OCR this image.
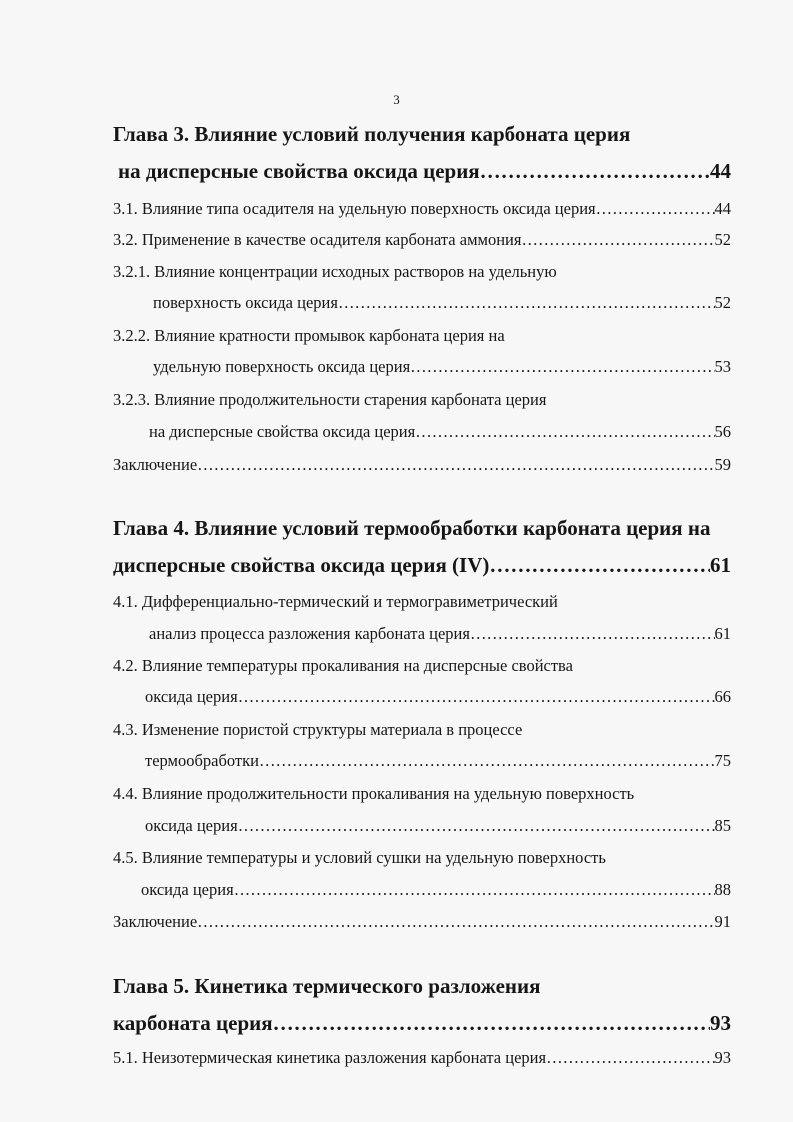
3
Глава 3. Влияние условий получения карбоната церия
на дисперсные свойства оксида церия ……………………………………………………………………………………………………………………………………………………	44
3.1. Влияние типа осадителя на удельную поверхность оксида церия …………………………………………………………………………………………………………………………………………………………………………………………………………	44
3.2. Применение в качестве осадителя карбоната аммония …………………………………………………………………………………………………………………………………………………………………………………………………………	52
3.2.1. Влияние концентрации исходных растворов на удельную
поверхность оксида церия …………………………………………………………………………………………………………………………………………………………………………………………………………	52
3.2.2. Влияние кратности промывок карбоната церия на
удельную поверхность оксида церия …………………………………………………………………………………………………………………………………………………………………………………………………………	53
3.2.3. Влияние продолжительности старения карбоната церия
на дисперсные свойства оксида церия …………………………………………………………………………………………………………………………………………………………………………………………………………	56
Заключение …………………………………………………………………………………………………………………………………………………………………………………………………………	59
Глава 4. Влияние условий термообработки карбоната церия на
дисперсные свойства оксида церия (IV) ……………………………………………………………………………………………………………………………………………………	61
4.1. Дифференциально-термический и термогравиметрический
анализ процесса разложения карбоната церия …………………………………………………………………………………………………………………………………………………………………………………………………………	61
4.2. Влияние температуры прокаливания на дисперсные свойства
оксида церия …………………………………………………………………………………………………………………………………………………………………………………………………………	66
4.3. Изменение пористой структуры материала в процессе
термообработки …………………………………………………………………………………………………………………………………………………………………………………………………………	75
4.4. Влияние продолжительности прокаливания на удельную поверхность
оксида церия …………………………………………………………………………………………………………………………………………………………………………………………………………	85
4.5. Влияние температуры и условий сушки на удельную поверхность
оксида церия …………………………………………………………………………………………………………………………………………………………………………………………………………	88
Заключение …………………………………………………………………………………………………………………………………………………………………………………………………………	91
Глава 5. Кинетика термического разложения
карбоната церия ……………………………………………………………………………………………………………………………………………………	93
5.1. Неизотермическая кинетика разложения карбоната церия …………………………………………………………………………………………………………………………………………………………………………………………………………	93
